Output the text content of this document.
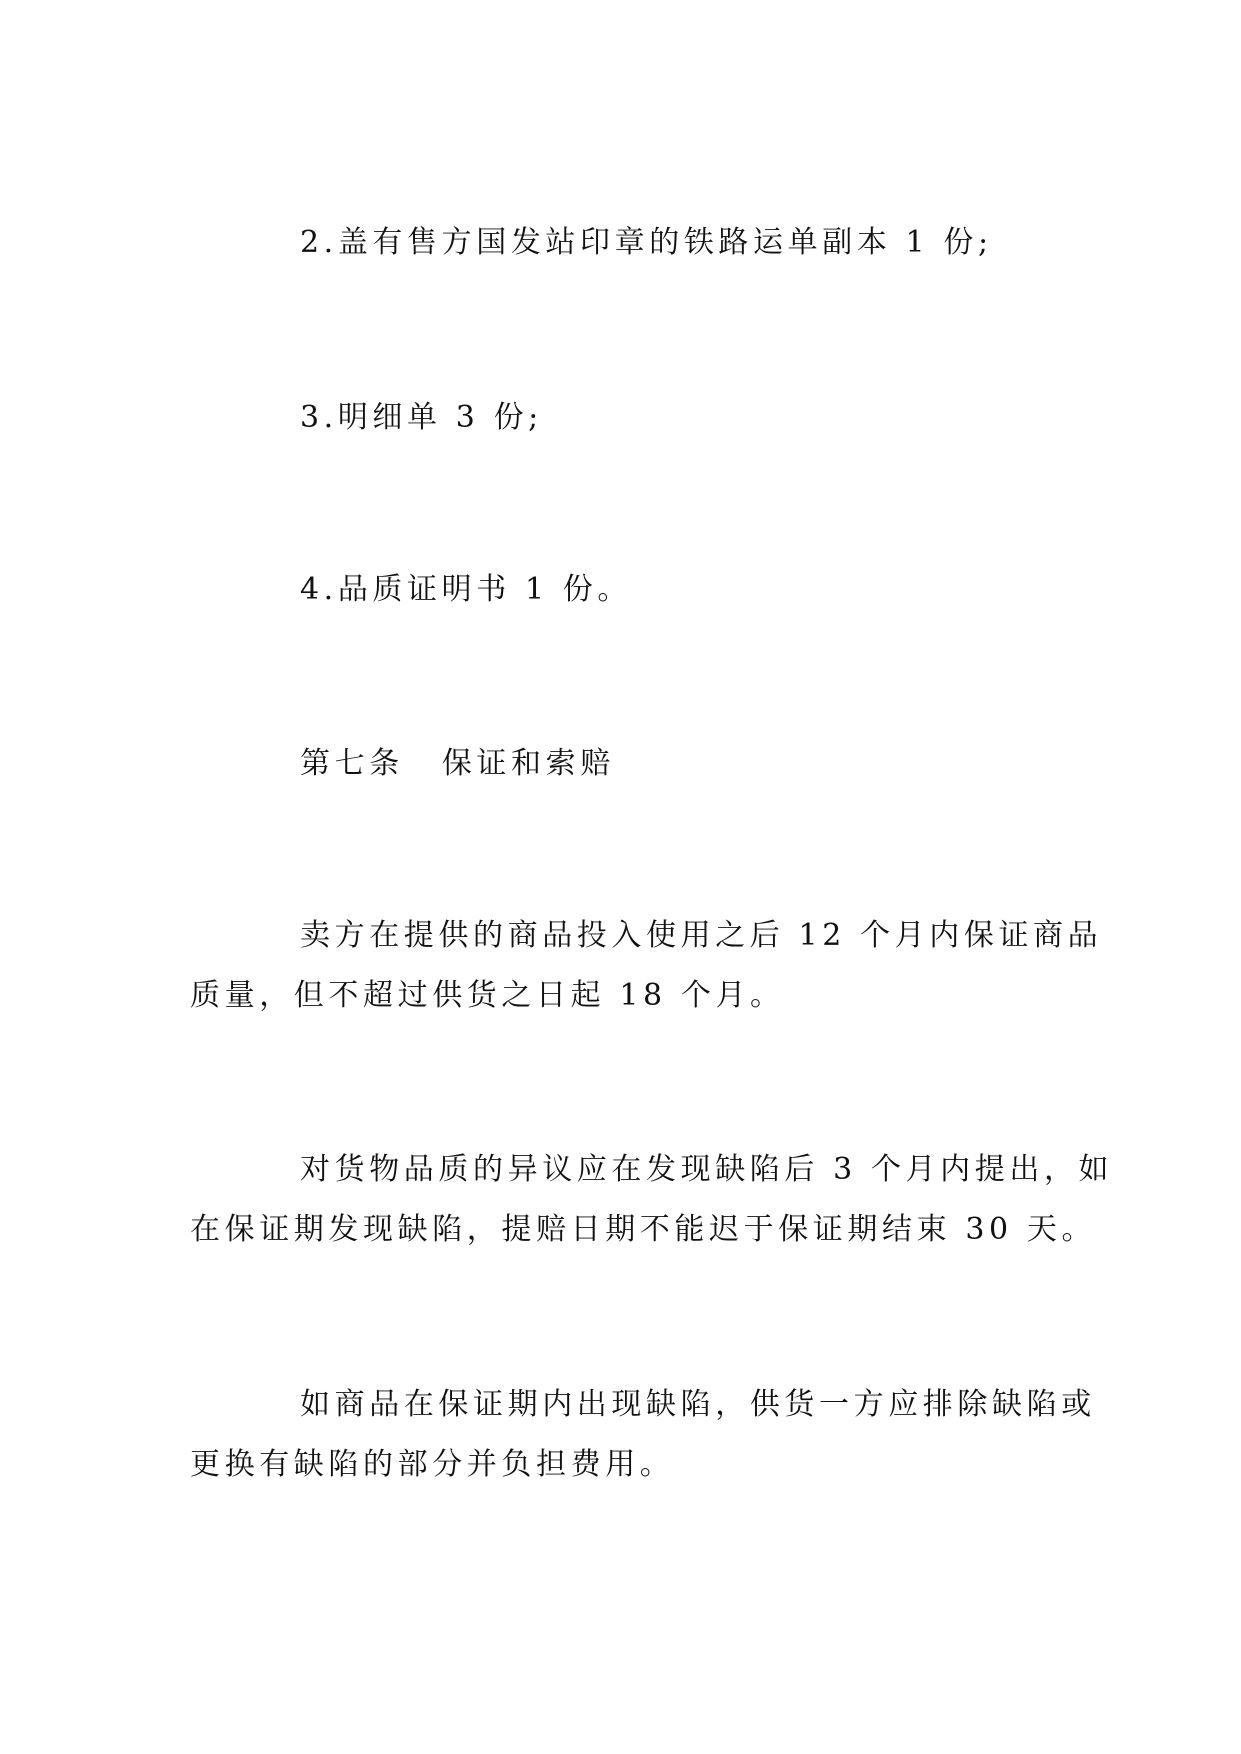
2.盖有售方国发站印章的铁路运单副本 1 份;
3.明细单 3 份;
4.品质证明书 1 份。
第七条 保证和索赔
卖方在提供的商品投入使用之后 12 个月内保证商品
质量，但不超过供货之日起 18 个月。
对货物品质的异议应在发现缺陷后 3 个月内提出，如
在保证期发现缺陷，提赔日期不能迟于保证期结束 30 天。
如商品在保证期内出现缺陷，供货一方应排除缺陷或
更换有缺陷的部分并负担费用。
